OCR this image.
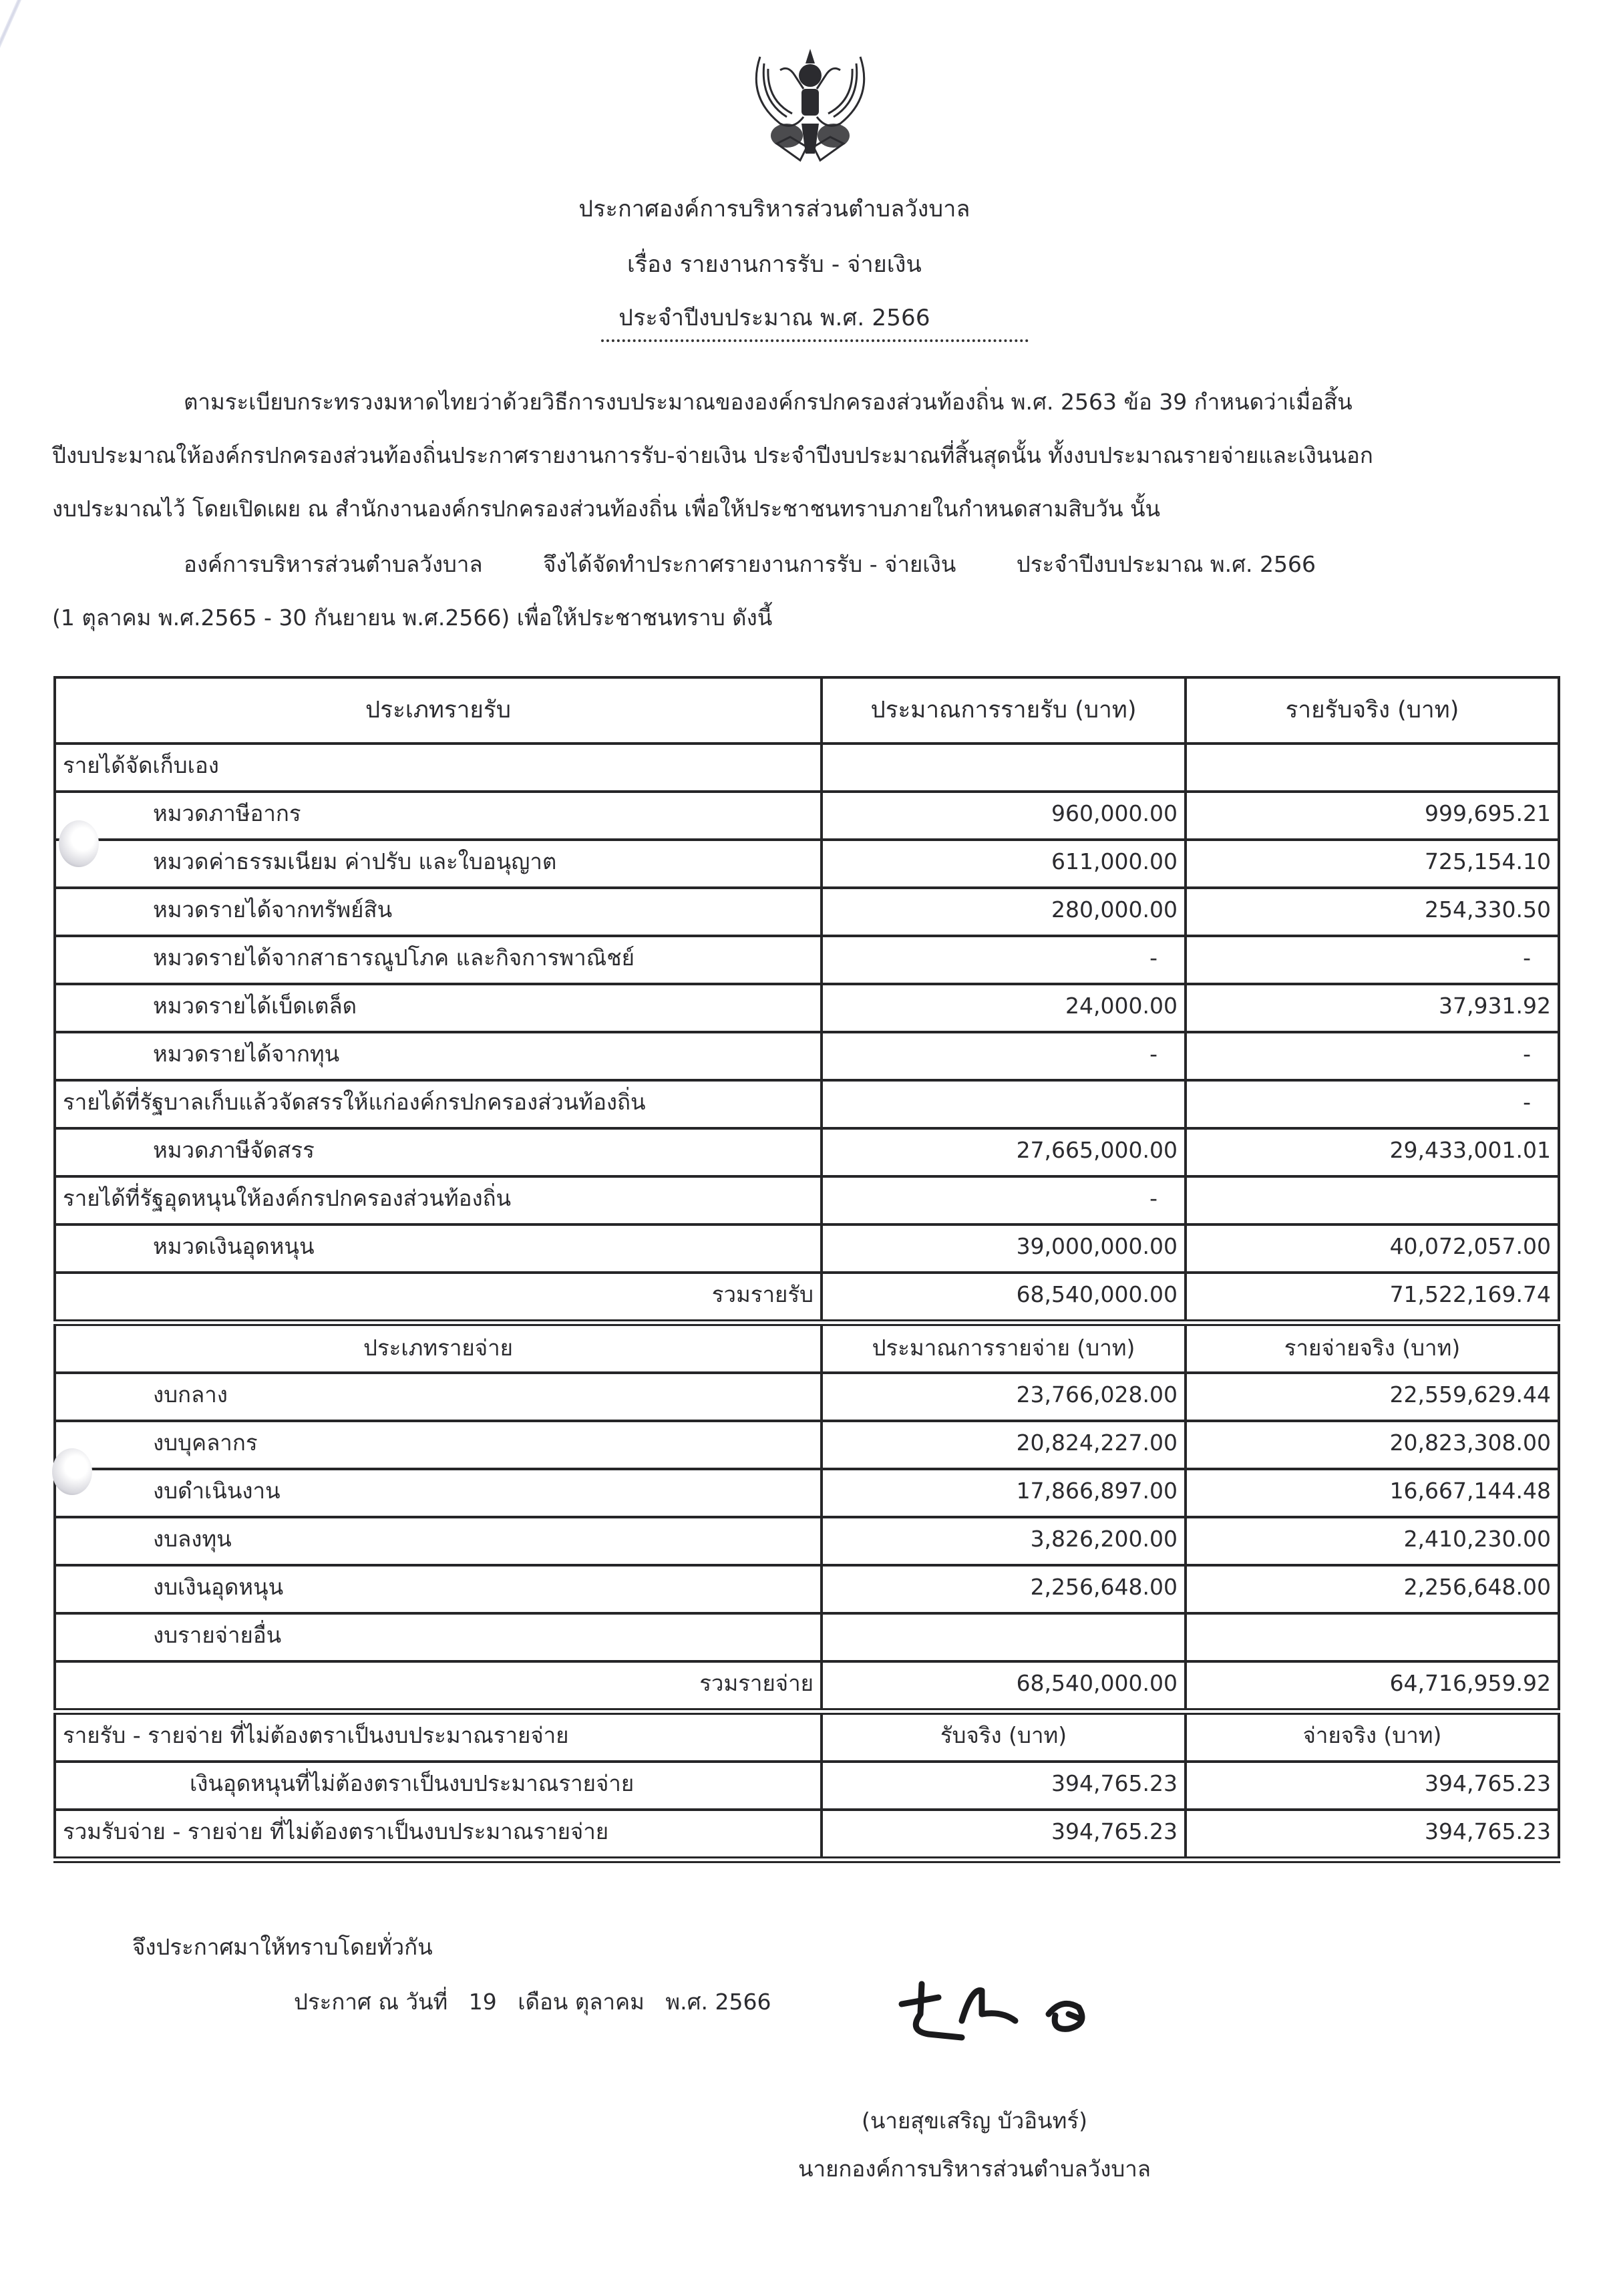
ประกาศองค์การบริหารส่วนตำบลวังบาล
เรื่อง รายงานการรับ - จ่ายเงิน
ประจำปีงบประมาณ พ.ศ. 2566
ตามระเบียบกระทรวงมหาดไทยว่าด้วยวิธีการงบประมาณขององค์กรปกครองส่วนท้องถิ่น พ.ศ. 2563 ข้อ 39 กำหนดว่าเมื่อสิ้น
ปีงบประมาณให้องค์กรปกครองส่วนท้องถิ่นประกาศรายงานการรับ-จ่ายเงิน ประจำปีงบประมาณที่สิ้นสุดนั้น ทั้งงบประมาณรายจ่ายและเงินนอก
งบประมาณไว้ โดยเปิดเผย ณ สำนักงานองค์กรปกครองส่วนท้องถิ่น เพื่อให้ประชาชนทราบภายในกำหนดสามสิบวัน นั้น
องค์การบริหารส่วนตำบลวังบาล	จึงได้จัดทำประกาศรายงานการรับ - จ่ายเงิน	ประจำปีงบประมาณ พ.ศ. 2566
(1 ตุลาคม พ.ศ.2565 - 30 กันยายน พ.ศ.2566) เพื่อให้ประชาชนทราบ ดังนี้
ประเภทรายรับ	ประมาณการรายรับ (บาท)	รายรับจริง (บาท)
รายได้จัดเก็บเอง		
หมวดภาษีอากร	960,000.00	999,695.21
หมวดค่าธรรมเนียม ค่าปรับ และใบอนุญาต	611,000.00	725,154.10
หมวดรายได้จากทรัพย์สิน	280,000.00	254,330.50
หมวดรายได้จากสาธารณูปโภค และกิจการพาณิชย์	-	-
หมวดรายได้เบ็ดเตล็ด	24,000.00	37,931.92
หมวดรายได้จากทุน	-	-
รายได้ที่รัฐบาลเก็บแล้วจัดสรรให้แก่องค์กรปกครองส่วนท้องถิ่น		-
หมวดภาษีจัดสรร	27,665,000.00	29,433,001.01
รายได้ที่รัฐอุดหนุนให้องค์กรปกครองส่วนท้องถิ่น	-	
หมวดเงินอุดหนุน	39,000,000.00	40,072,057.00
รวมรายรับ	68,540,000.00	71,522,169.74
ประเภทรายจ่าย	ประมาณการรายจ่าย (บาท)	รายจ่ายจริง (บาท)
งบกลาง	23,766,028.00	22,559,629.44
งบบุคลากร	20,824,227.00	20,823,308.00
งบดำเนินงาน	17,866,897.00	16,667,144.48
งบลงทุน	3,826,200.00	2,410,230.00
งบเงินอุดหนุน	2,256,648.00	2,256,648.00
งบรายจ่ายอื่น		
รวมรายจ่าย	68,540,000.00	64,716,959.92
รายรับ - รายจ่าย ที่ไม่ต้องตราเป็นงบประมาณรายจ่าย	รับจริง (บาท)	จ่ายจริง (บาท)
เงินอุดหนุนที่ไม่ต้องตราเป็นงบประมาณรายจ่าย	394,765.23	394,765.23
รวมรับจ่าย - รายจ่าย ที่ไม่ต้องตราเป็นงบประมาณรายจ่าย	394,765.23	394,765.23
จึงประกาศมาให้ทราบโดยทั่วกัน
ประกาศ ณ วันที่ 19 เดือน ตุลาคม พ.ศ. 2566
(นายสุขเสริญ บัวอินทร์)
นายกองค์การบริหารส่วนตำบลวังบาล
